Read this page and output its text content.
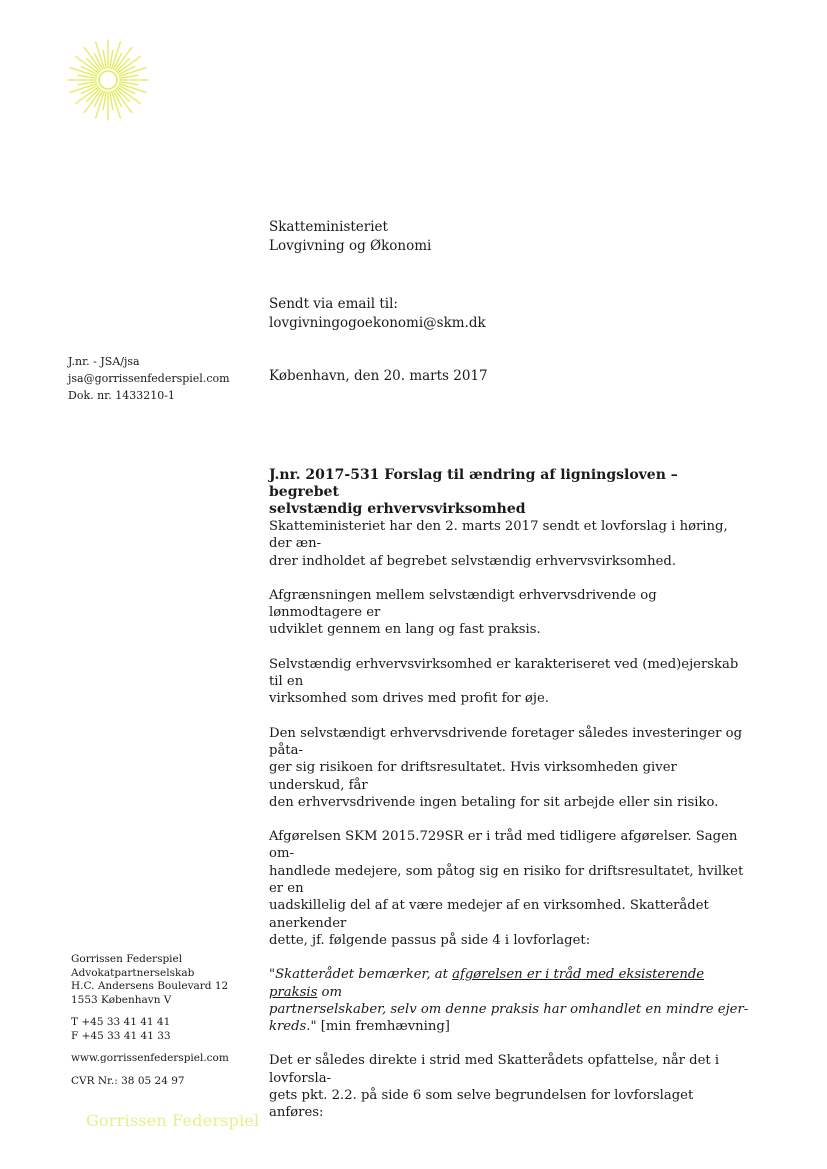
Skatteministeriet
Lovgivning og Økonomi
Sendt via email til:
lovgivningogoekonomi@skm.dk
J.nr. - JSA/jsa
jsa@gorrissenfederspiel.com
Dok. nr. 1433210-1
København, den 20. marts 2017
J.nr. 2017-531 Forslag til ændring af ligningsloven – begrebet
selvstændig erhvervsvirksomhed

Skatteministeriet har den 2. marts 2017 sendt et lovforslag i høring, der æn-
drer indholdet af begrebet selvstændig erhvervsvirksomhed.

Afgrænsningen mellem selvstændigt erhvervsdrivende og lønmodtagere er
udviklet gennem en lang og fast praksis.

Selvstændig erhvervsvirksomhed er karakteriseret ved (med)ejerskab til en
virksomhed som drives med profit for øje.

Den selvstændigt erhvervsdrivende foretager således investeringer og påta-
ger sig risikoen for driftsresultatet. Hvis virksomheden giver underskud, får
den erhvervsdrivende ingen betaling for sit arbejde eller sin risiko.

Afgørelsen SKM 2015.729SR er i tråd med tidligere afgørelser. Sagen om-
handlede medejere, som påtog sig en risiko for driftsresultatet, hvilket er en
uadskillelig del af at være medejer af en virksomhed. Skatterådet anerkender
dette, jf. følgende passus på side 4 i lovforlaget:

"Skatterådet bemærker, at afgørelsen er i tråd med eksisterende praksis om
partnerselskaber, selv om denne praksis har omhandlet en mindre ejer-
kreds." [min fremhævning]

Det er således direkte i strid med Skatterådets opfattelse, når det i lovforsla-
gets pkt. 2.2. på side 6 som selve begrundelsen for lovforslaget anføres:

Gorrissen Federspiel
Advokatpartnerselskab
H.C. Andersens Boulevard 12
1553 København V
T +45 33 41 41 41
F +45 33 41 41 33
www.gorrissenfederspiel.com
CVR Nr.: 38 05 24 97
Gorrissen Federspiel
